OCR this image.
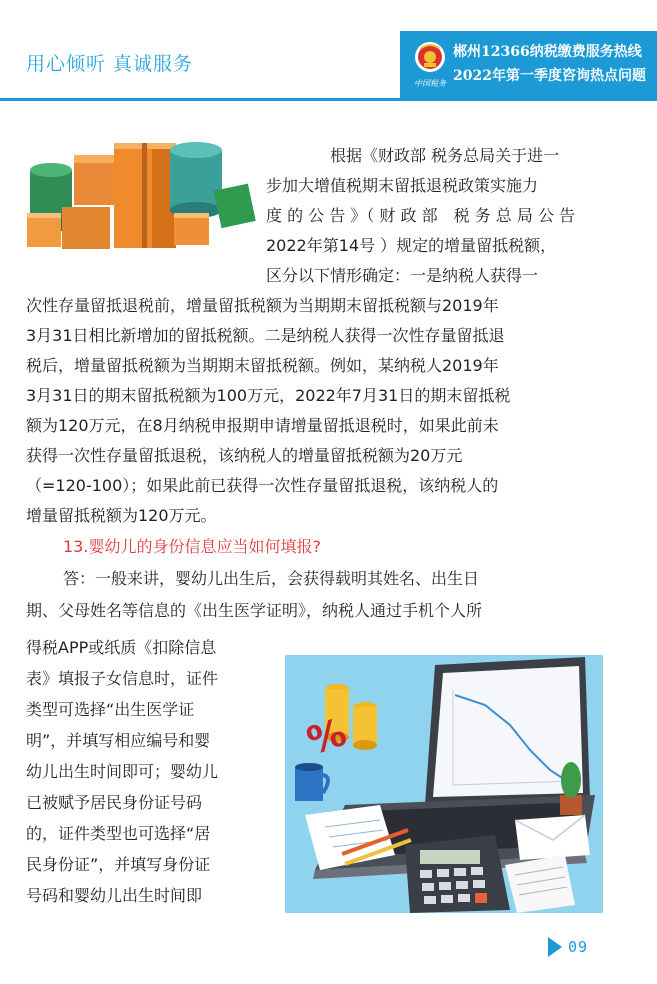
用心倾听 真诚服务
中国税务
郴州12366纳税缴费服务热线
2022年第一季度咨询热点问题
根据《财政部 税务总局关于进一
步加大增值税期末留抵退税政策实施力
度 的 公 告 》（ 财 政 部　税 务 总 局 公 告
2022年第14号 ）规定的增量留抵税额，
区分以下情形确定：一是纳税人获得一
次性存量留抵退税前，增量留抵税额为当期期末留抵税额与2019年
3月31日相比新增加的留抵税额。二是纳税人获得一次性存量留抵退
税后，增量留抵税额为当期期末留抵税额。例如，某纳税人2019年
3月31日的期末留抵税额为100万元，2022年7月31日的期末留抵税
额为120万元，在8月纳税申报期申请增量留抵退税时，如果此前未
获得一次性存量留抵退税，该纳税人的增量留抵税额为20万元
（=120-100）；如果此前已获得一次性存量留抵退税，该纳税人的
增量留抵税额为120万元。
13.婴幼儿的身份信息应当如何填报?
答：一般来讲，婴幼儿出生后，会获得载明其姓名、出生日
期、父母姓名等信息的《出生医学证明》，纳税人通过手机个人所
得税APP或纸质《扣除信息
表》填报子女信息时，证件
类型可选择“出生医学证
明”，并填写相应编号和婴
幼儿出生时间即可；婴幼儿
已被赋予居民身份证号码
的，证件类型也可选择“居
民身份证”，并填写身份证
号码和婴幼儿出生时间即
%
09
